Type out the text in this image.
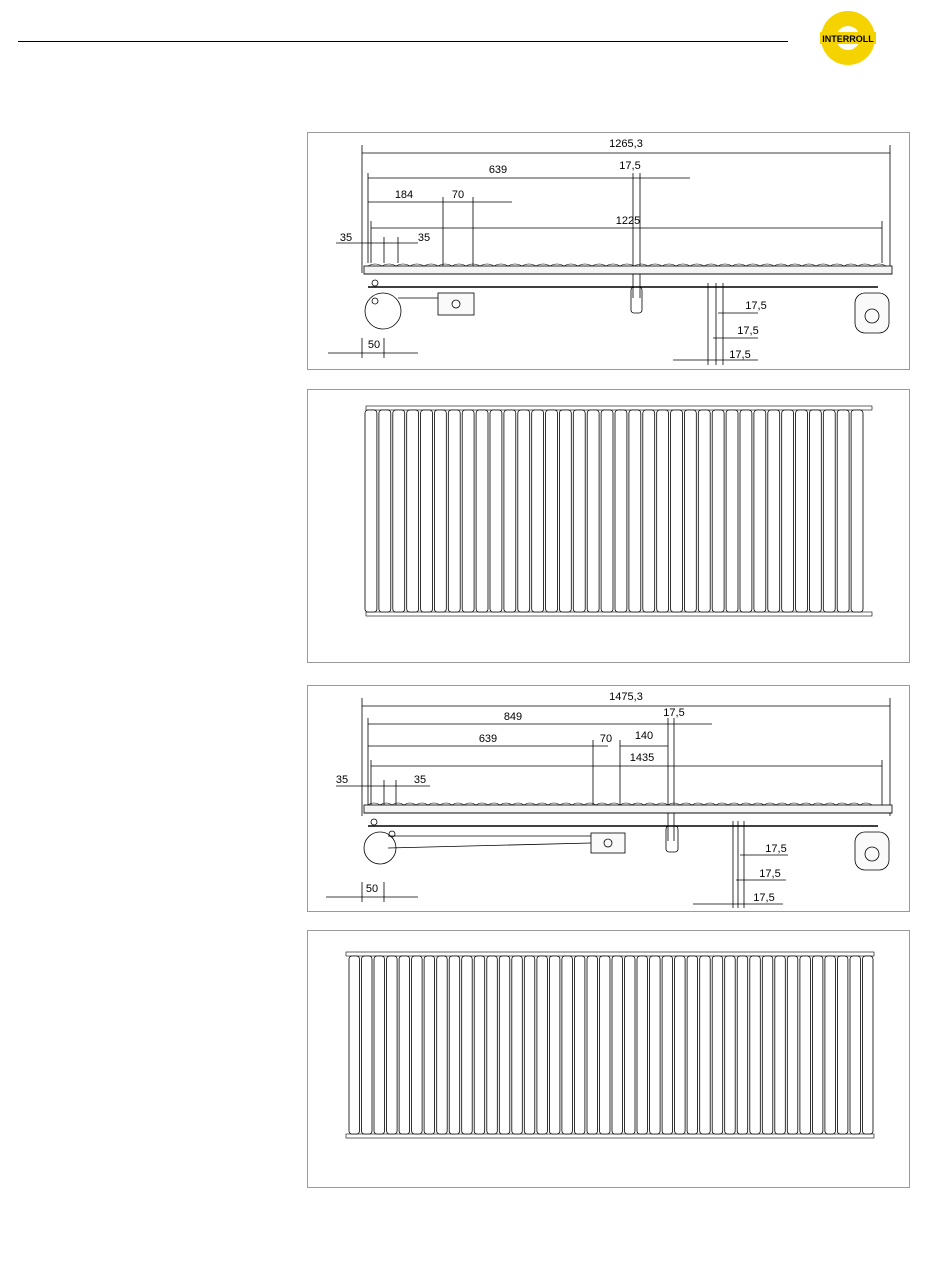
INTERROLL
1265,3
639	17,5
184	70
1225
35	35
50
17,5
17,5
17,5
1475,3
849	17,5
639	70 140
1435
35	35
50
17,5
17,5
17,5
